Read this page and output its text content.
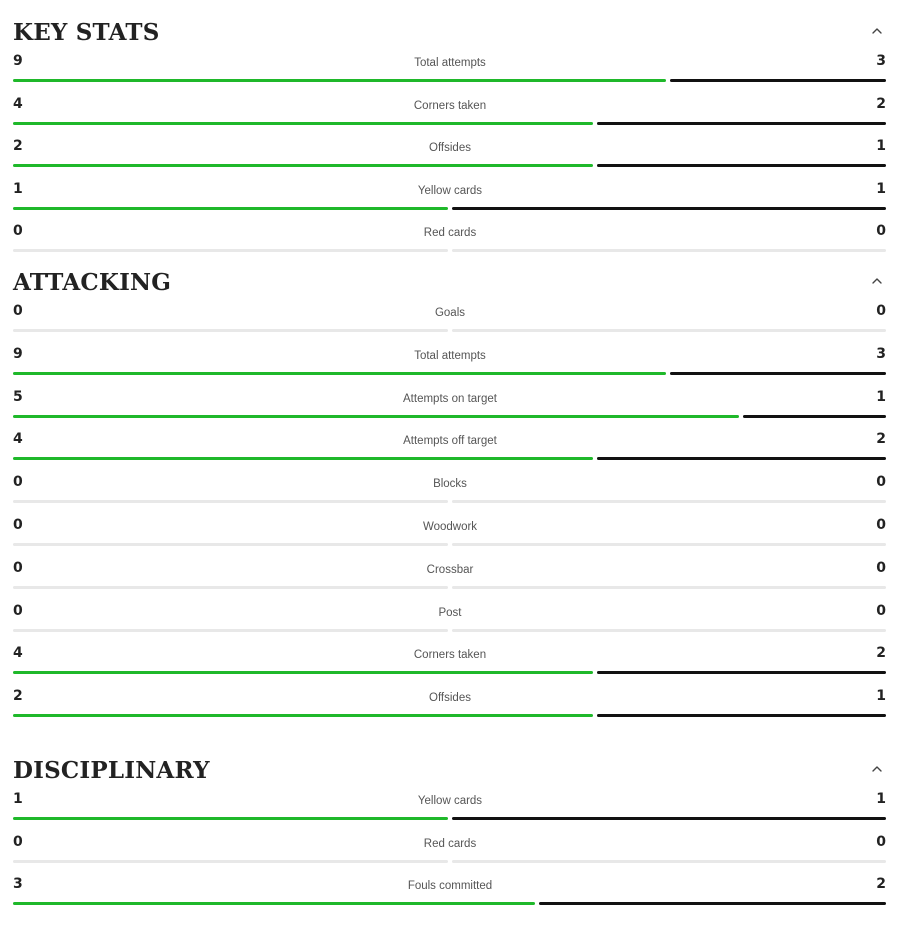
KEY STATS
9	Total attempts	3
4	Corners taken	2
2	Offsides	1
1	Yellow cards	1
0	Red cards	0
ATTACKING
0	Goals	0
9	Total attempts	3
5	Attempts on target	1
4	Attempts off target	2
0	Blocks	0
0	Woodwork	0
0	Crossbar	0
0	Post	0
4	Corners taken	2
2	Offsides	1
DISCIPLINARY
1	Yellow cards	1
0	Red cards	0
3	Fouls committed	2
